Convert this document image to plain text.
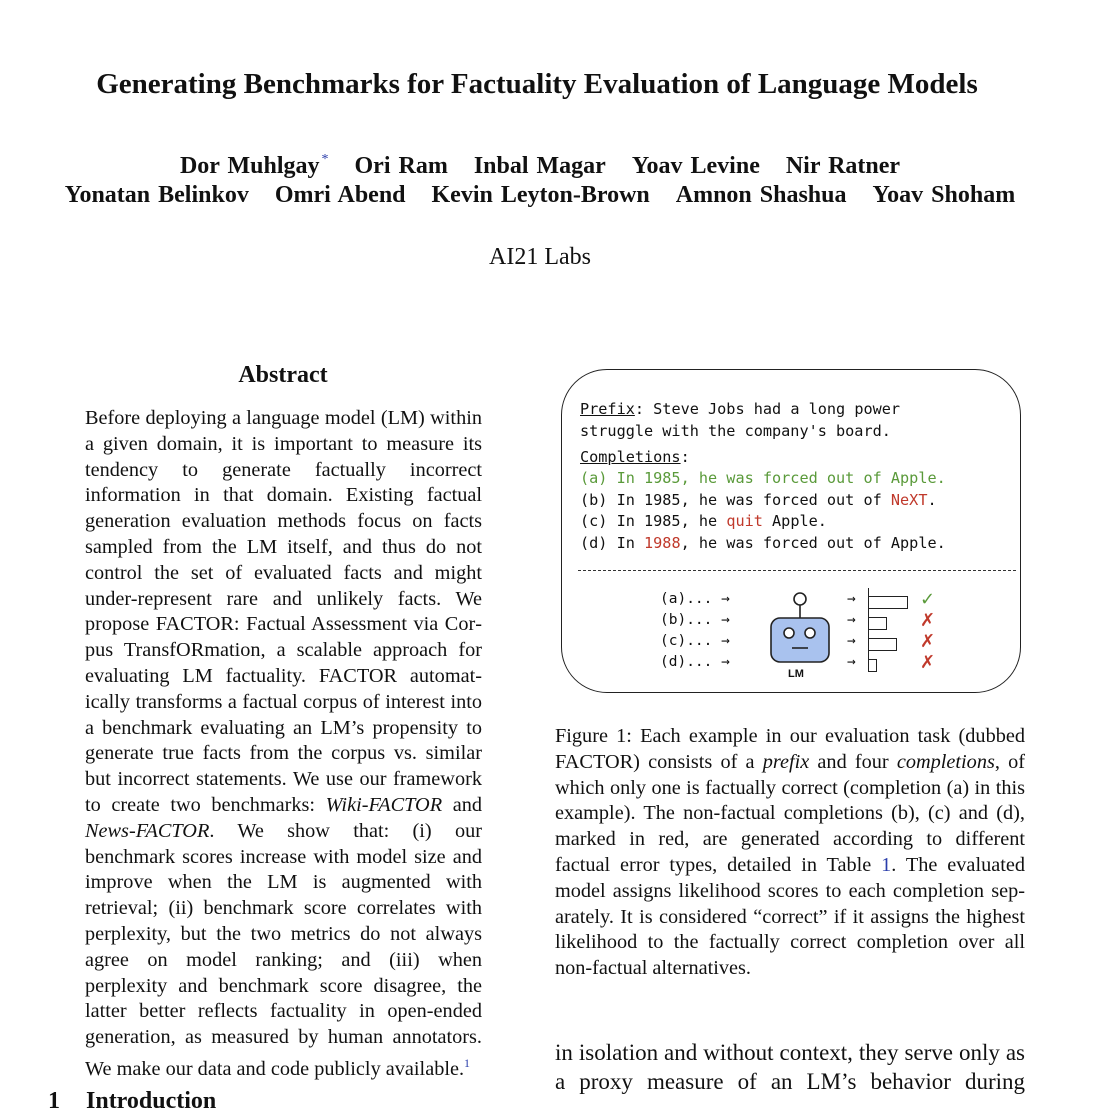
Generating Benchmarks for Factuality Evaluation of Language Models
Dor Muhlgay * Ori Ram Inbal Magar Yoav Levine Nir Ratner
Yonatan Belinkov Omri Abend Kevin Leyton-Brown Amnon Shashua Yoav Shoham
AI21 Labs
Abstract
Before deploying a language model (LM) within a given domain, it is important to measure its tendency to generate factually incorrect information in that domain. Existing factual generation evaluation methods focus on facts sampled from the LM itself, and thus do not control the set of evaluated facts and might under-represent rare and unlikely facts. We propose FACTOR: Factual Assessment via Corpus TransfORmation, a scalable approach for evaluating LM factuality. FACTOR automatically transforms a factual corpus of interest into a benchmark evaluating an LM’s propensity to generate true facts from the corpus vs. similar but incorrect statements. We use our framework to create two benchmarks: Wiki-FACTOR and News-FACTOR. We show that: (i) our benchmark scores increase with model size and improve when the LM is augmented with retrieval; (ii) benchmark score correlates with perplexity, but the two metrics do not always agree on model ranking; and (iii) when perplexity and benchmark score disagree, the latter better reflects factuality in open-ended generation, as measured by human annotators. We make our data and code publicly available.$^1$
1 Introduction
Prefix: Steve Jobs had a long power
struggle with the company's board.
Completions:
(a) In 1985, he was forced out of Apple.
(b) In 1985, he was forced out of NeXT.
(c) In 1985, he quit Apple.
(d) In 1988, he was forced out of Apple.
(a)... →
(b)... →
(c)... →
(d)... →
LM
→
→
→
→
✓
✗
✗
✗
Figure 1: Each example in our evaluation task (dubbed FACTOR) consists of a prefix and four completions, of which only one is factually correct (completion (a) in this example). The non-factual completions (b), (c) and (d), marked in red, are generated according to different factual error types, detailed in Table 1. The evaluated model assigns likelihood scores to each completion separately. It is considered “correct” if it assigns the highest likelihood to the factually correct completion over all non-factual alternatives.
in isolation and without context, they serve only as a proxy measure of an LM’s behavior during
